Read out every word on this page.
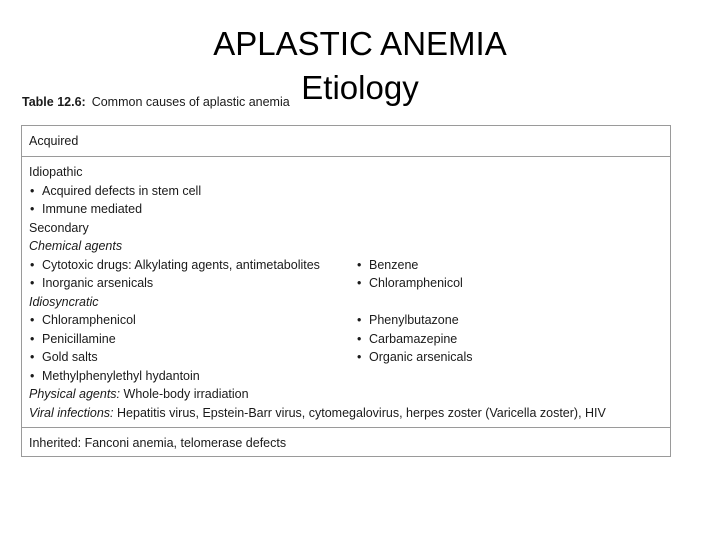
APLASTIC ANEMIA
Etiology
Table 12.6: Common causes of aplastic anemia
Acquired
Idiopathic
• Acquired defects in stem cell
• Immune mediated
Secondary
Chemical agents
• Cytotoxic drugs: Alkylating agents, antimetabolites
• Inorganic arsenicals
• Benzene
• Chloramphenicol
Idiosyncratic
• Chloramphenicol
• Penicillamine
• Gold salts
• Methylphenylethyl hydantoin
• Phenylbutazone
• Carbamazepine
• Organic arsenicals
Physical agents: Whole-body irradiation
Viral infections: Hepatitis virus, Epstein-Barr virus, cytomegalovirus, herpes zoster (Varicella zoster), HIV
Inherited: Fanconi anemia, telomerase defects
